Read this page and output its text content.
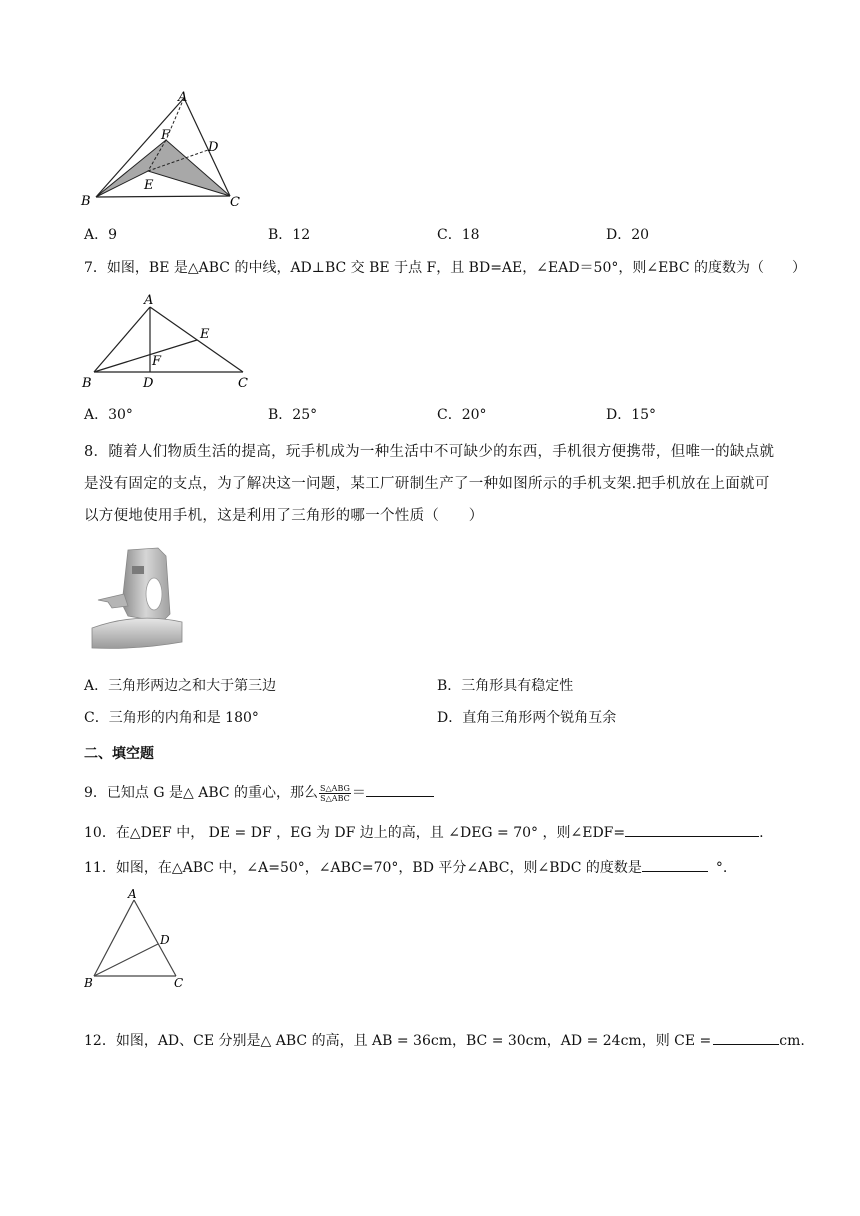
A
B	C
D
E
F
A．9	B．12	C．18	D．20
7．如图，BE 是△ABC 的中线，AD⊥BC 交 BE 于点 F，且 BD=AE，∠EAD＝50°，则∠EBC 的度数为（　　）
A
B	C
D
E
F
A．30°	B．25°	C．20°	D．15°
8．随着人们物质生活的提高，玩手机成为一种生活中不可缺少的东西，手机很方便携带，但唯一的缺点就是没有固定的支点，为了解决这一问题，某工厂研制生产了一种如图所示的手机支架.把手机放在上面就可以方便地使用手机，这是利用了三角形的哪一个性质（　　）
A．三角形两边之和大于第三边	B．三角形具有稳定性
C．三角形的内角和是 180°	D．直角三角形两个锐角互余
二、填空题
9．已知点 G 是△ ABC 的重心，那么 $\frac{\text{S△ABG}}{\text{S△ABC}}$ ＝
10．在△DEF 中， DE = DF ，EG 为 DF 边上的高，且 ∠DEG = 70° ，则∠EDF=	.
11．如图，在△ABC 中，∠A=50°，∠ABC=70°，BD 平分∠ABC，则∠BDC 的度数是	°.
A
B	C
D
12．如图，AD、CE 分别是△ ABC 的高，且 AB = 36cm，BC = 30cm，AD = 24cm，则 CE =	cm.
